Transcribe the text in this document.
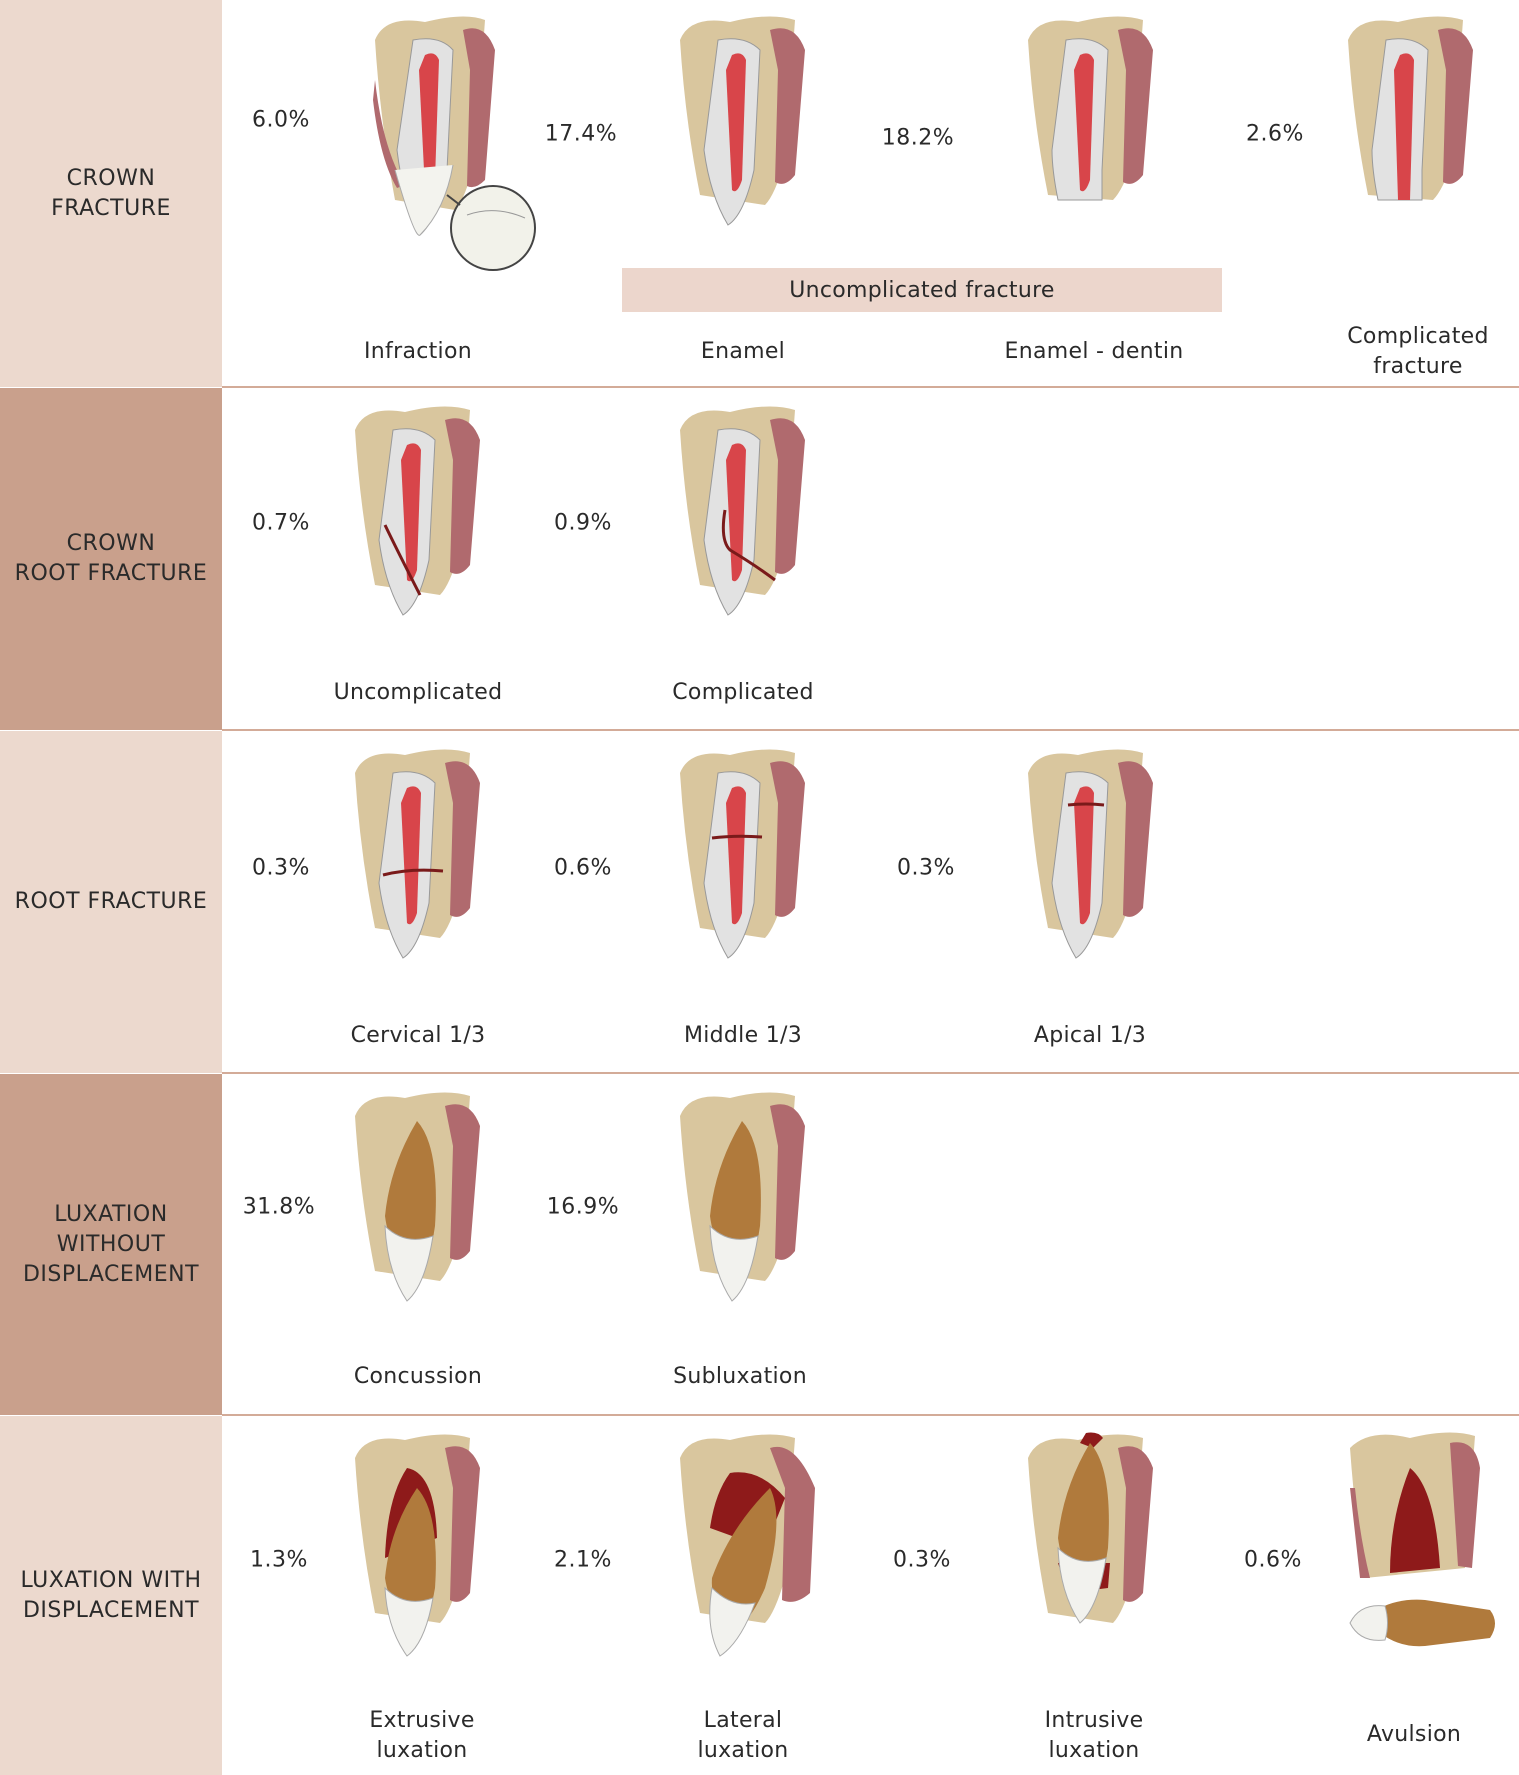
CROWN
FRACTURE
6.0%
Infraction
17.4%
Enamel
18.2%
Enamel - dentin
2.6%
Complicated
fracture
Uncomplicated fracture
CROWN
ROOT FRACTURE
0.7%
Uncomplicated
0.9%
Complicated
ROOT FRACTURE
0.3%
Cervical 1/3
0.6%
Middle 1/3
0.3%
Apical 1/3
LUXATION
WITHOUT
DISPLACEMENT
31.8%
Concussion
16.9%
Subluxation
LUXATION WITH
DISPLACEMENT
1.3%
Extrusive
luxation
2.1%
Lateral
luxation
0.3%
Intrusive
luxation
0.6%
Avulsion
